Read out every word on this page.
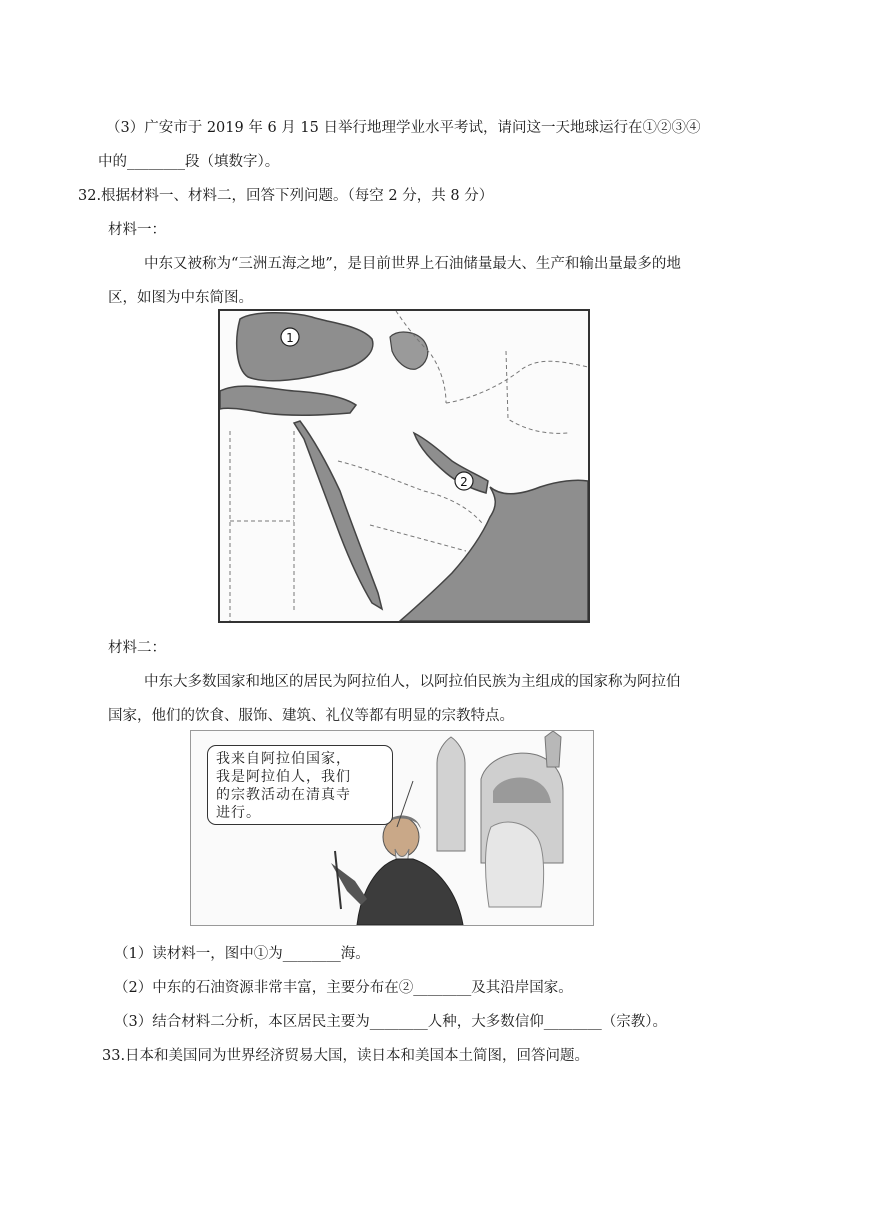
（3）广安市于 2019 年 6 月 15 日举行地理学业水平考试，请问这一天地球运行在①②③④
中的________段（填数字）。
32.根据材料一、材料二，回答下列问题。（每空 2 分，共 8 分）
材料一：
中东又被称为“三洲五海之地”，是目前世界上石油储量最大、生产和输出量最多的地
区，如图为中东简图。
1
2
材料二：
中东大多数国家和地区的居民为阿拉伯人，以阿拉伯民族为主组成的国家称为阿拉伯
国家，他们的饮食、服饰、建筑、礼仪等都有明显的宗教特点。
我来自阿拉伯国家，
我是阿拉伯人，我们
的宗教活动在清真寺
进行。
（1）读材料一，图中①为________海。
（2）中东的石油资源非常丰富，主要分布在②________及其沿岸国家。
（3）结合材料二分析，本区居民主要为________人种，大多数信仰________（宗教）。
33.日本和美国同为世界经济贸易大国，读日本和美国本土简图，回答问题。
